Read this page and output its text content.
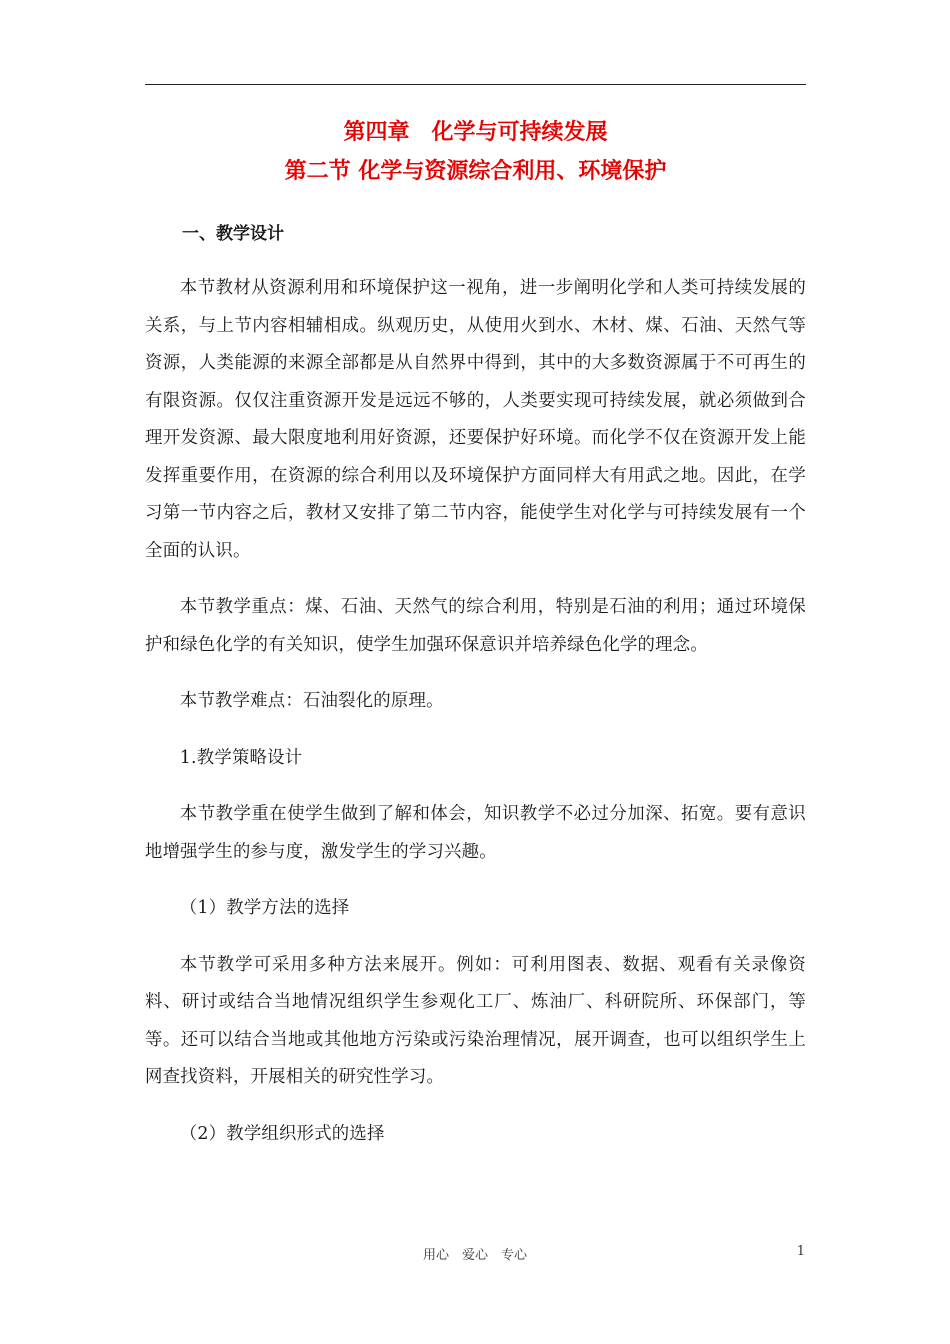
第四章　化学与可持续发展
第二节 化学与资源综合利用、环境保护
一、教学设计

本节教材从资源利用和环境保护这一视角，进一步阐明化学和人类可持续发展的关系，与上节内容相辅相成。纵观历史，从使用火到水、木材、煤、石油、天然气等资源，人类能源的来源全部都是从自然界中得到，其中的大多数资源属于不可再生的有限资源。仅仅注重资源开发是远远不够的，人类要实现可持续发展，就必须做到合理开发资源、最大限度地利用好资源，还要保护好环境。而化学不仅在资源开发上能发挥重要作用，在资源的综合利用以及环境保护方面同样大有用武之地。因此，在学习第一节内容之后，教材又安排了第二节内容，能使学生对化学与可持续发展有一个全面的认识。

本节教学重点：煤、石油、天然气的综合利用，特别是石油的利用；通过环境保护和绿色化学的有关知识，使学生加强环保意识并培养绿色化学的理念。

本节教学难点：石油裂化的原理。

1.教学策略设计

本节教学重在使学生做到了解和体会，知识教学不必过分加深、拓宽。要有意识地增强学生的参与度，激发学生的学习兴趣。

（1）教学方法的选择

本节教学可采用多种方法来展开。例如：可利用图表、数据、观看有关录像资料、研讨或结合当地情况组织学生参观化工厂、炼油厂、科研院所、环保部门，等等。还可以结合当地或其他地方污染或污染治理情况，展开调查，也可以组织学生上网查找资料，开展相关的研究性学习。

（2）教学组织形式的选择

用心　爱心　专心	1
